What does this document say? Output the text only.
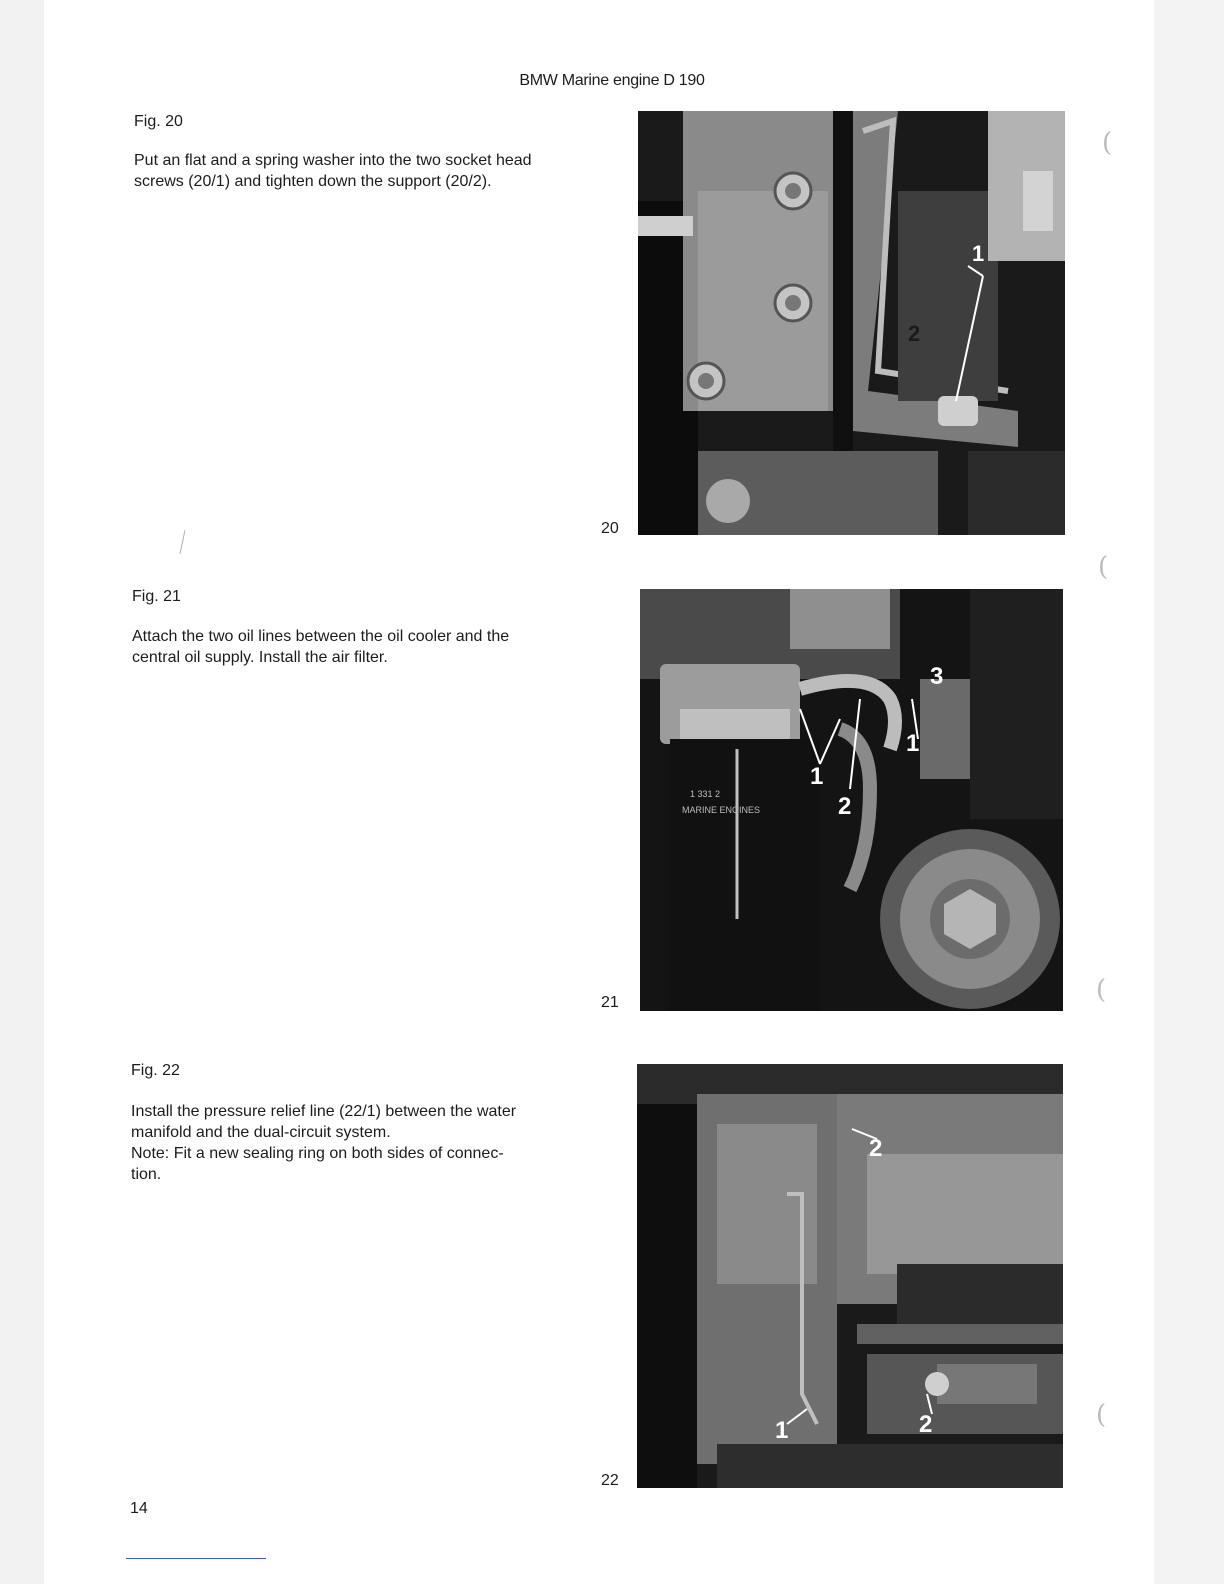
BMW Marine engine D 190
Fig. 20
Put an flat and a spring washer into the two socket head
screws (20/1) and tighten down the support (20/2).
1
2
20
Fig. 21
Attach the two oil lines between the oil cooler and the
central oil supply. Install the air filter.
1
2
3
1
1 331 2
MARINE ENGINES
21
Fig. 22
Install the pressure relief line (22/1) between the water
manifold and the dual-circuit system.
Note: Fit a new sealing ring on both sides of connec-
tion.
2
1	2
22
14
(
(
(
(
